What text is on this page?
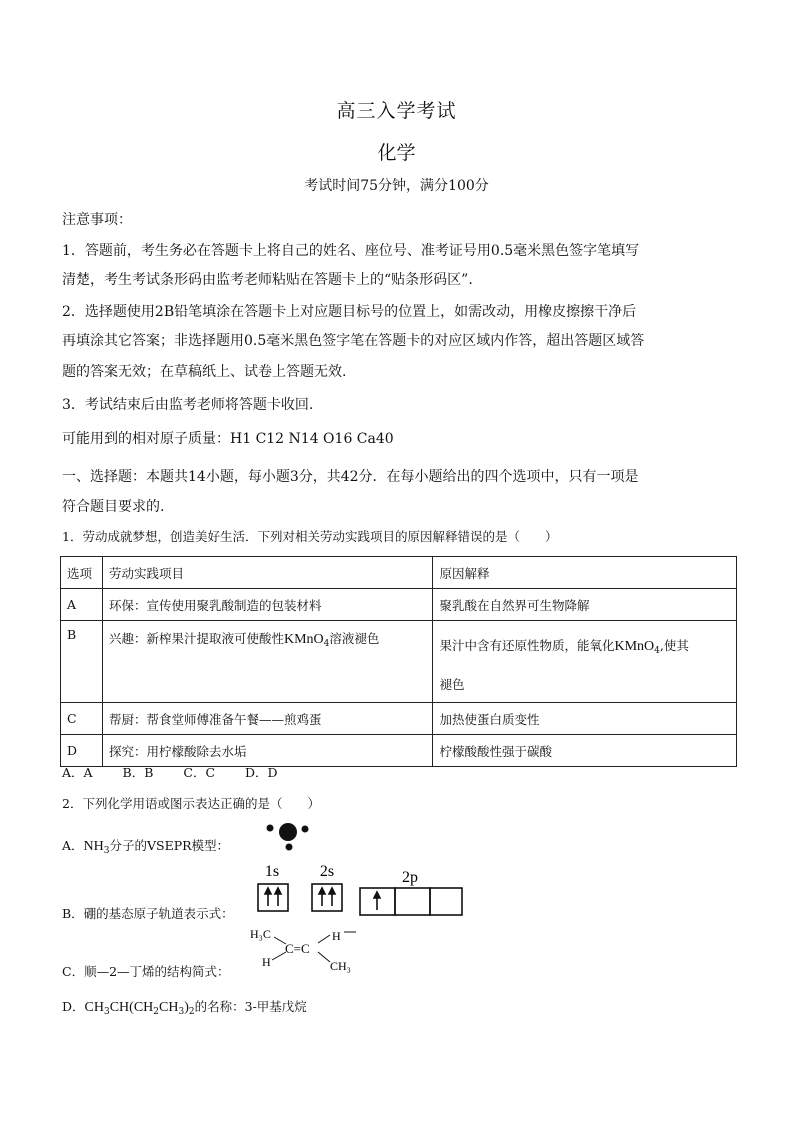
高三入学考试
化学
考试时间75分钟，满分100分
注意事项：
1．答题前，考生务必在答题卡上将自己的姓名、座位号、准考证号用0.5毫米黑色签字笔填写
清楚，考生考试条形码由监考老师粘贴在答题卡上的“贴条形码区”.
2．选择题使用2B铅笔填涂在答题卡上对应题目标号的位置上，如需改动，用橡皮擦擦干净后
再填涂其它答案；非选择题用0.5毫米黑色签字笔在答题卡的对应区域内作答，超出答题区域答
题的答案无效；在草稿纸上、试卷上答题无效.
3．考试结束后由监考老师将答题卡收回.
可能用到的相对原子质量：H1 C12 N14 O16 Ca40
一、选择题：本题共14小题，每小题3分，共42分．在每小题给出的四个选项中，只有一项是
符合题目要求的.
1．劳动成就梦想，创造美好生活．下列对相关劳动实践项目的原因解释错误的是（　　）
选项	劳动实践项目	原因解释
A	环保：宣传使用聚乳酸制造的包装材料	聚乳酸在自然界可生物降解
B	兴趣：新榨果汁提取液可使酸性KMnO$_4$溶液褪色	果汁中含有还原性物质，能氧化KMnO$_4$,使其
褪色
C	帮厨：帮食堂师傅准备午餐——煎鸡蛋	加热使蛋白质变性
D	探究：用柠檬酸除去水垢	柠檬酸酸性强于碳酸
A．A B．B C．C D．D
2．下列化学用语或图示表达正确的是（　　）
A．$NH_3$分子的VSEPR模型：
B．硼的基态原子轨道表示式：
1s	2s	2p
C．顺—2—丁烯的结构简式：
H₃C
C=C
H
H	CH₃
D．$CH_3CH(CH_2CH_3)_2$的名称：3-甲基戊烷
